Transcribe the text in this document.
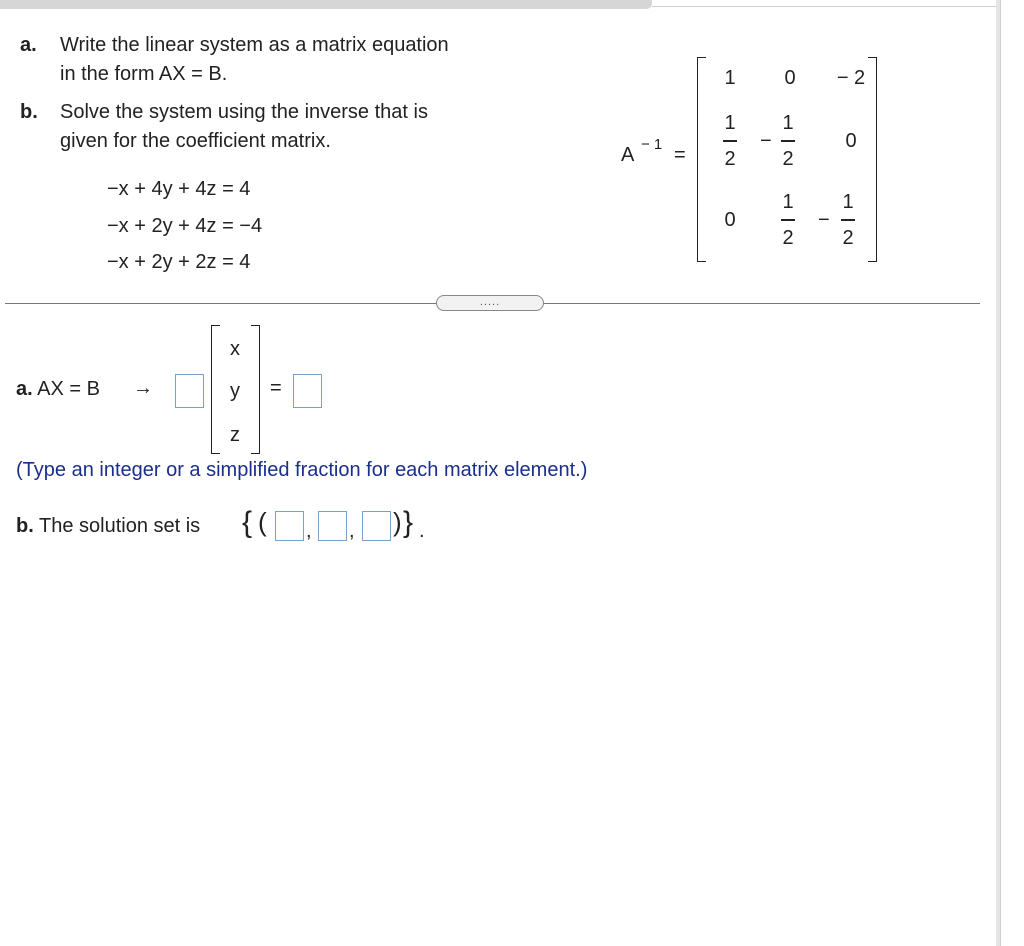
a. Write the linear system as a matrix equation
in the form AX = B.
b. Solve the system using the inverse that is
given for the coefficient matrix.
−x + 4y + 4z = 4
−x + 2y + 4z = −4
−x + 2y + 2z = 4
A − 1 =
1	0	− 2
1
2
−
1
2
0
0
1
2
−
1
2
.....
a. AX = B →
x
y
z
=
(Type an integer or a simplified fraction for each matrix element.)
b. The solution set is { ( , , ) } .
